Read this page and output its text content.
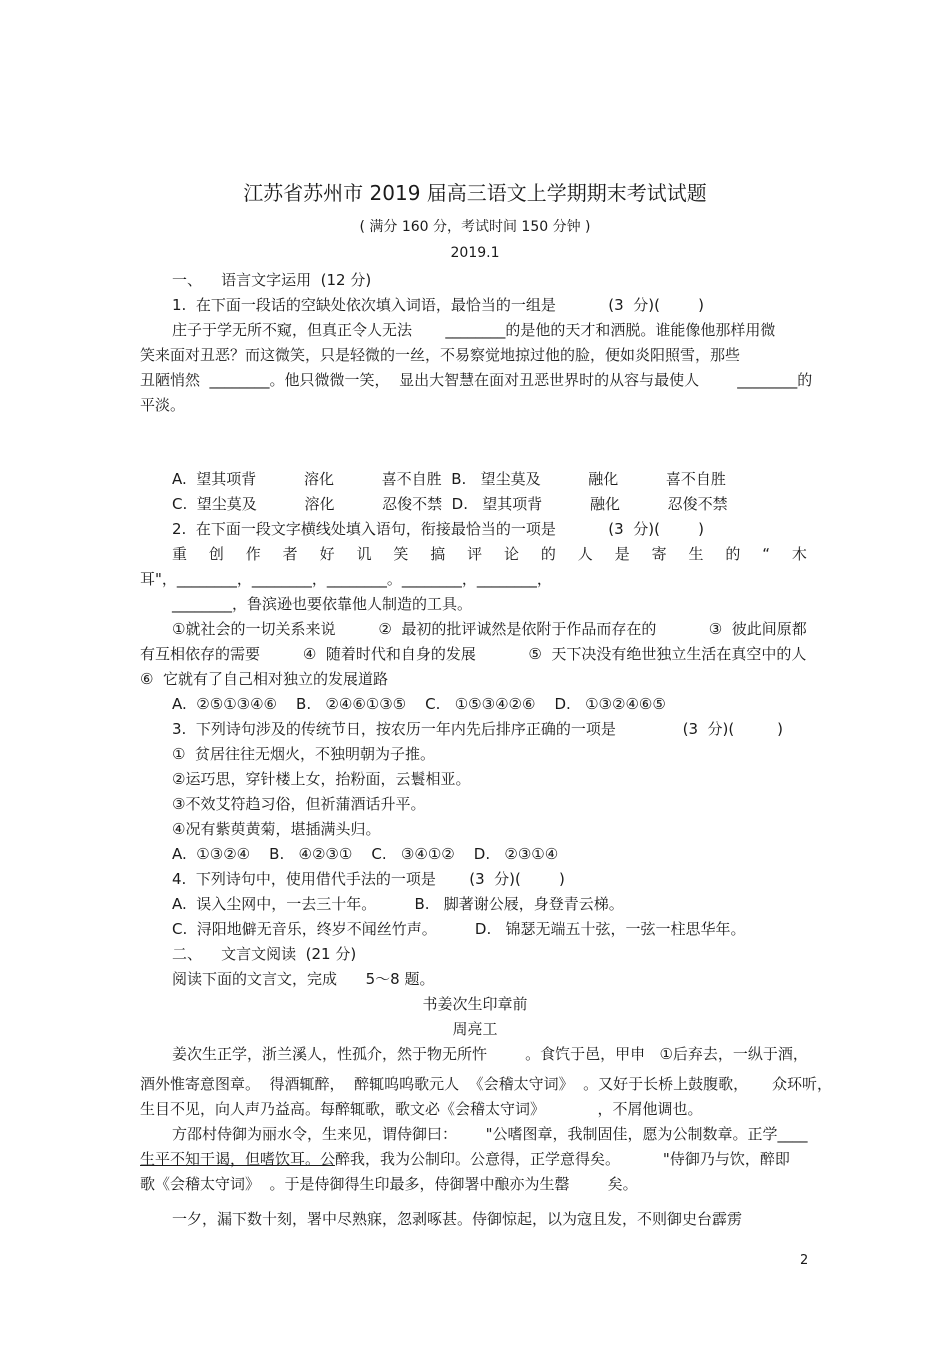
江苏省苏州市 2019 届高三语文上学期期末考试试题
( 满分 160 分，考试时间 150 分钟 )
2019.1
一、    语言文字运用  (12 分)
1.  在下面一段话的空缺处依次填入词语，最恰当的一组是           (3  分)(        )
庄子于学无所不窥，但真正令人无法       ________的是他的天才和洒脱。谁能像他那样用微
笑来面对丑恶？而这微笑，只是轻微的一丝，不易察觉地掠过他的脸，便如炎阳照雪，那些
丑陋悄然  ________。他只微微一笑，  显出大智慧在面对丑恶世界时的从容与最使人        ________的
平淡。
A.  望其项背          溶化          喜不自胜  B.   望尘莫及          融化          喜不自胜
C.  望尘莫及          溶化          忍俊不禁  D.   望其项背          融化          忍俊不禁
2.  在下面一段文字横线处填入语句，衔接最恰当的一项是           (3  分)(        )
耳"，________，________，________。________，________，
________，鲁滨逊也要依靠他人制造的工具。
①就社会的一切关系来说         ②  最初的批评诚然是依附于作品而存在的           ③  彼此间原都
有互相依存的需要         ④  随着时代和自身的发展           ⑤  天下决没有绝世独立生活在真空中的人
⑥  它就有了自己相对独立的发展道路
A.  ②⑤①③④⑥    B.   ②④⑥①③⑤    C.   ①⑤③④②⑥    D.   ①③②④⑥⑤
3.  下列诗句涉及的传统节日，按农历一年内先后排序正确的一项是              (3  分)(         )
①  贫居往往无烟火，不独明朝为子推。
②运巧思，穿针楼上女，抬粉面，云鬟相亚。
③不效艾符趋习俗，但祈蒲酒话升平。
④况有紫萸黄菊，堪插满头归。
A.  ①③②④    B.   ④②③①    C.   ③④①②    D.   ②③①④
4.  下列诗句中，使用借代手法的一项是       (3  分)(        )
A.  误入尘网中，一去三十年。        B.   脚著谢公屐，身登青云梯。
C.  浔阳地僻无音乐，终岁不闻丝竹声。        D.   锦瑟无端五十弦，一弦一柱思华年。
二、    文言文阅读  (21 分)
阅读下面的文言文，完成      5～8 题。
姜次生正学，浙兰溪人，性孤介，然于物无所忤        。食饩于邑，甲申   ①后弃去，一纵于酒，
酒外惟寄意图章。  得酒辄醉，  醉辄呜呜歌元人  《会稽太守词》  。又好于长桥上鼓腹歌，     众环听，
生目不见，向人声乃益高。每醉辄歌，歌文必《会稽太守词》           ，不屑他调也。
方邵村侍御为丽水令，生来见，谓侍御曰：      "公嗜图章，我制固佳，愿为公制数章。正学____
歌《会稽太守词》  。于是侍御得生印最多，侍御署中酿亦为生罄        矣。
一夕，漏下数十刻，署中尽熟寐，忽剥啄甚。侍御惊起，以为寇且发，不则御史台霹雳
重 创 作 者 好 讥 笑 搞 评 论 的 人 是 寄 生 的 “ 木
书姜次生印章前
周亮工
生平不知干谒，但嗜饮耳。公醉我，我为公制印。公意得，正学意得矣。         "侍御乃与饮，醉即
2
